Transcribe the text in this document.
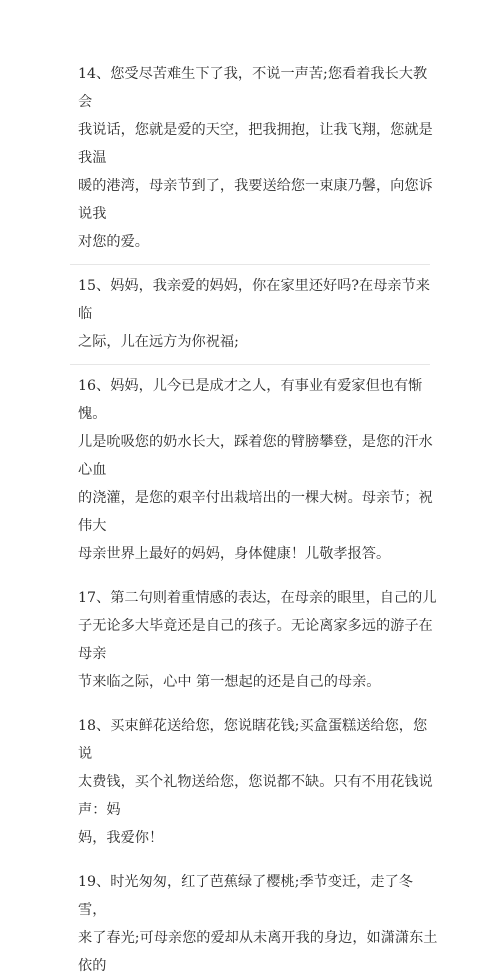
14、您受尽苦难生下了我，不说一声苦;您看着我长大教会
我说话，您就是爱的天空，把我拥抱，让我飞翔，您就是我温
暖的港湾，母亲节到了，我要送给您一束康乃馨，向您诉说我
对您的爱。

15、妈妈，我亲爱的妈妈，你在家里还好吗?在母亲节来临
之际，儿在远方为你祝福;

16、妈妈，儿今已是成才之人，有事业有爱家但也有惭愧。
儿是吮吸您的奶水长大，踩着您的臂膀攀登，是您的汗水心血
的浇灌，是您的艰辛付出栽培出的一棵大树。母亲节；祝伟大
母亲世界上最好的妈妈，身体健康！儿敬孝报答。

17、第二句则着重情感的表达，在母亲的眼里，自己的儿
子无论多大毕竟还是自己的孩子。无论离家多远的游子在母亲
节来临之际，心中 第一想起的还是自己的母亲。

18、买束鲜花送给您，您说瞎花钱;买盒蛋糕送给您，您说
太费钱，买个礼物送给您，您说都不缺。只有不用花钱说声：妈
妈，我爱你！

19、时光匆匆，红了芭蕉绿了樱桃;季节变迁，走了冬雪，
来了春光;可母亲您的爱却从未离开我的身边，如潇潇东土依的
